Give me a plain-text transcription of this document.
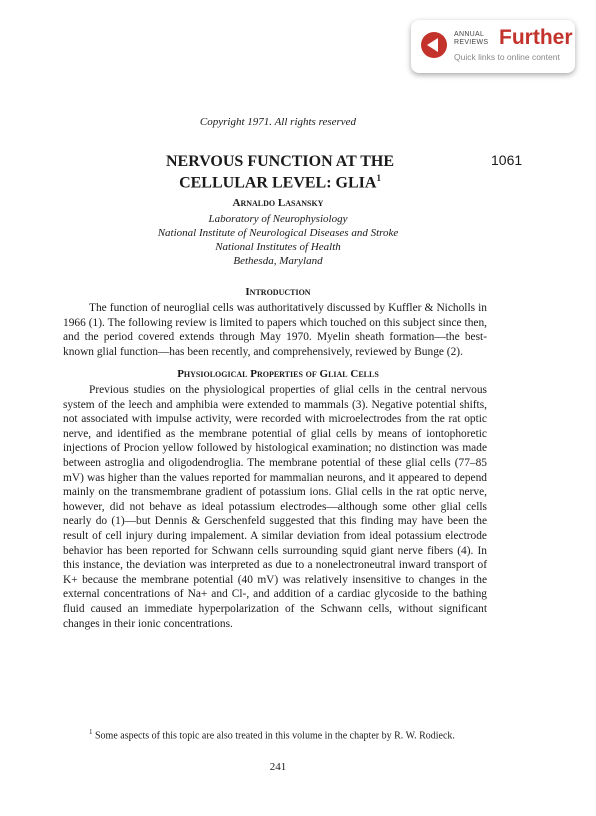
ANNUAL
REVIEWS Further
Quick links to online content
Copyright 1971. All rights reserved
NERVOUS FUNCTION AT THE
CELLULAR LEVEL: GLIA$^1$
1061
Arnaldo Lasansky
Laboratory of Neurophysiology
National Institute of Neurological Diseases and Stroke
National Institutes of Health
Bethesda, Maryland
Introduction

The function of neuroglial cells was authoritatively discussed by Kuffler & Nicholls in 1966 (1). The following review is limited to papers which touched on this subject since then, and the period covered extends through May 1970. Myelin sheath formation—the best-known glial function—has been recently, and comprehensively, reviewed by Bunge (2).

Physiological Properties of Glial Cells

Previous studies on the physiological properties of glial cells in the central nervous system of the leech and amphibia were extended to mammals (3). Negative potential shifts, not associated with impulse activity, were recorded with microelectrodes from the rat optic nerve, and identified as the membrane potential of glial cells by means of iontophoretic injections of Procion yellow followed by histological examination; no distinction was made between astroglia and oligodendroglia. The membrane potential of these glial cells (77–85 mV) was higher than the values reported for mammalian neurons, and it appeared to depend mainly on the transmembrane gradient of potassium ions. Glial cells in the rat optic nerve, however, did not behave as ideal potassium electrodes—although some other glial cells nearly do (1)—but Dennis & Gerschenfeld suggested that this finding may have been the result of cell injury during impalement. A similar deviation from ideal potassium electrode behavior has been reported for Schwann cells surrounding squid giant nerve fibers (4). In this instance, the deviation was interpreted as due to a nonelectroneutral inward transport of K+ because the membrane potential (40 mV) was relatively insensitive to changes in the external concentrations of Na+ and Cl-, and addition of a cardiac glycoside to the bathing fluid caused an immediate hyperpolarization of the Schwann cells, without significant changes in their ionic concentrations.

$^1$ Some aspects of this topic are also treated in this volume in the chapter by R. W. Rodieck.
241
